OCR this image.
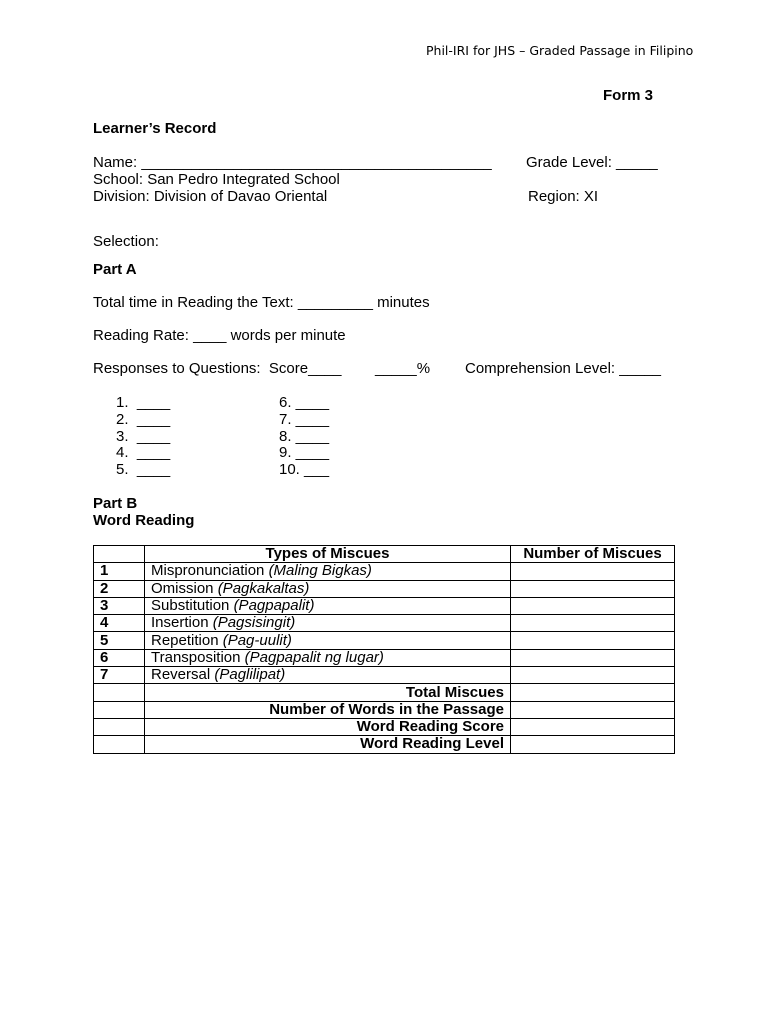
Phil-IRI for JHS – Graded Passage in Filipino
Form 3
Learner’s Record
Name: __________________________________________ Grade Level: _____
School: San Pedro Integrated School
Division: Division of Davao Oriental	Region: XI
Selection:
Part A
Total time in Reading the Text: _________ minutes
Reading Rate: ____ words per minute
Responses to Questions:  Score____ _____% Comprehension Level: _____
1.  ____
2.  ____
3.  ____
4.  ____
5.  ____
6. ____
7. ____
8. ____
9. ____
10. ___
Part B
Word Reading
	Types of Miscues	Number of Miscues
1	Mispronunciation (Maling Bigkas)	
2	Omission (Pagkakaltas)	
3	Substitution (Pagpapalit)	
4	Insertion (Pagsisingit)	
5	Repetition (Pag-uulit)	
6	Transposition (Pagpapalit ng lugar)	
7	Reversal (Paglilipat)	
	Total Miscues	
	Number of Words in the Passage	
	Word Reading Score	
	Word Reading Level	
